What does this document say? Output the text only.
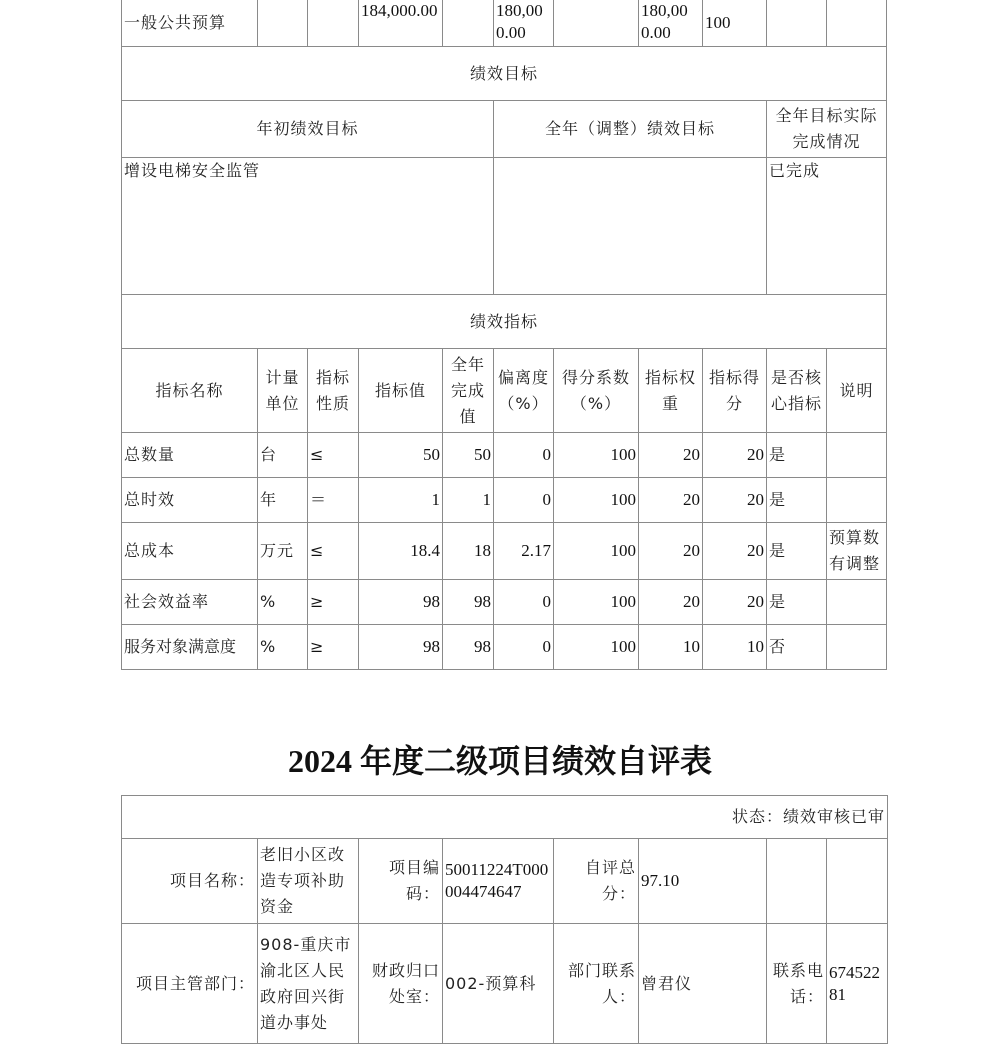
一般公共预算			184,000.00		180,000.00		180,000.00	100		
绩效目标										
年初绩效目标					全年（调整）绩效目标				全年目标实际完成情况	
增设电梯安全监管									已完成	
绩效指标										
指标名称	计量单位	指标性质	指标值	全年完成值	偏离度（%）	得分系数（%）	指标权重	指标得分	是否核心指标	说明
总数量	台	≤	50	50	0	100	20	20	是	
总时效	年	＝	1	1	0	100	20	20	是	
总成本	万元	≤	18.4	18	2.17	100	20	20	是	预算数有调整
社会效益率	%	≥	98	98	0	100	20	20	是	
服务对象满意度	%	≥	98	98	0	100	10	10	否	
2024 年度二级项目绩效自评表
状态：绩效审核已审							
项目名称：	老旧小区改造专项补助资金	项目编码：	50011224T000004474647	自评总分：	97.10		
项目主管部门：	908-重庆市渝北区人民政府回兴街道办事处	财政归口处室：	002-预算科	部门联系人：	曾君仪	联系电话：	67452281
